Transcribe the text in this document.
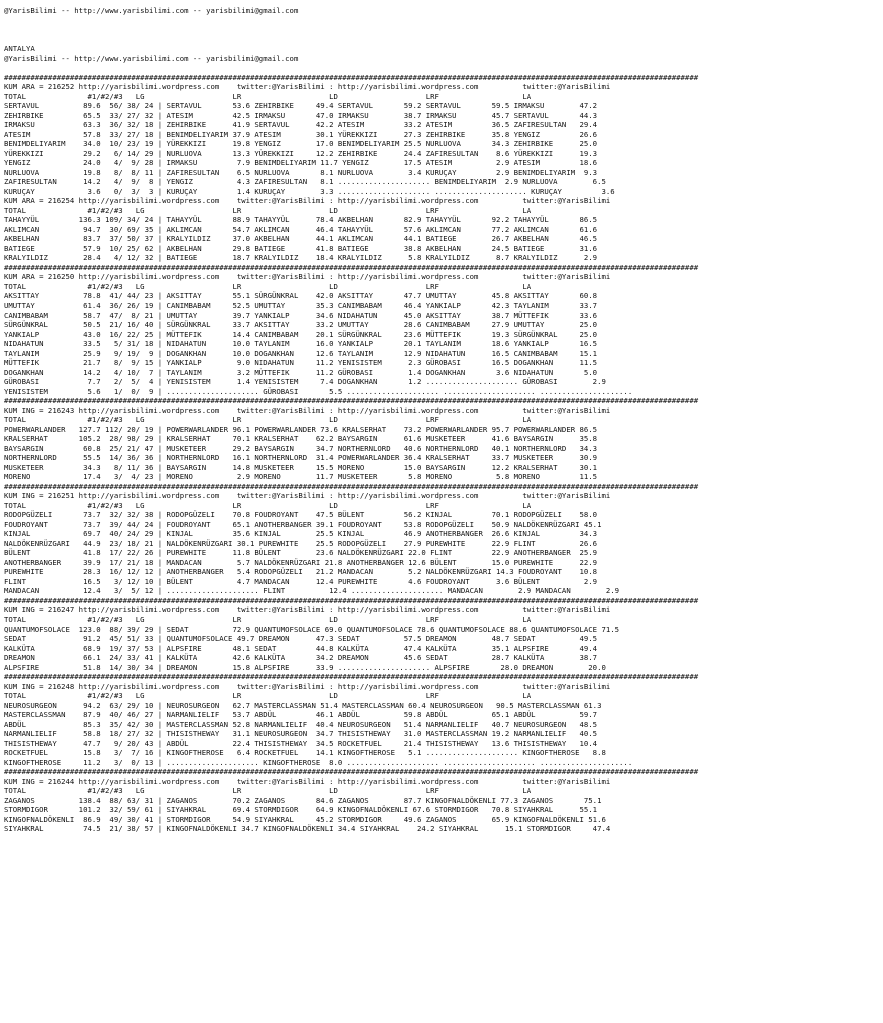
@YarisBilimi -- http://www.yarisbilimi.com -- yarisbilimi@gmail.com

ANTALYA
@YarisBilimi -- http://www.yarisbilimi.com -- yarisbilimi@gmail.com

##############################################################################################################################################################
KUM ARA = 216252 http://yarisbilimi.wordpress.com    twitter:@YarisBilimi : http://yarisbilimi.wordpress.com          twitter:@YarisBilimi
TOTAL              #1/#2/#3   LG                    LR                    LD                    LRF                   LA
SERTAVUL          89.6  56/ 38/ 24 | SERTAVUL       53.6 ZEHIRBIKE     49.4 SERTAVUL       59.2 SERTAVUL       59.5 IRMAKSU        47.2
ZEHIRBIKE         65.5  33/ 27/ 32 | ATESIM         42.5 IRMAKSU       47.0 IRMAKSU        38.7 IRMAKSU        45.7 SERTAVUL       44.3
IRMAKSU           63.3  36/ 32/ 18 | ZEHIRBIKE      41.9 SERTAVUL      42.2 ATESIM         33.2 ATESIM         36.5 ZAFIRESULTAN   29.4
ATESIM            57.8  33/ 27/ 18 | BENIMDELIYARIM 37.9 ATESIM        30.1 YÜREKKIZI      27.3 ZEHIRBIKE      35.8 YENGIZ         26.6
BENIMDELIYARIM    34.0  10/ 23/ 19 | YÜREKKIZI      19.8 YENGIZ        17.0 BENIMDELIYARIM 25.5 NURLUOVA       34.3 ZEHIRBIKE      25.0
YÜREKKIZI         29.2   6/ 14/ 29 | NURLUOVA       13.3 YÜREKKIZI     12.2 ZEHIRBIKE      24.4 ZAFIRESULTAN    8.6 YÜREKKIZI      19.3
YENGIZ            24.0   4/  9/ 28 | IRMAKSU         7.9 BENIMDELIYARIM 11.7 YENGIZ        17.5 ATESIM          2.9 ATESIM         18.6
NURLUOVA          19.8   8/  8/ 11 | ZAFIRESULTAN    6.5 NURLUOVA       8.1 NURLUOVA        3.4 KURUÇAY         2.9 BENIMDELIYARIM  9.3
ZAFIRESULTAN      14.2   4/  9/  8 | YENGIZ          4.3 ZAFIRESULTAN   8.1 ..................... BENIMDELIYARIM  2.9 NURLUOVA        6.5
KURUÇAY            3.6   0/  3/  3 | KURUÇAY         1.4 KURUÇAY        3.3 ..................... ..................... KURUÇAY         3.6
KUM ARA = 216254 http://yarisbilimi.wordpress.com    twitter:@YarisBilimi : http://yarisbilimi.wordpress.com          twitter:@YarisBilimi
TOTAL              #1/#2/#3   LG                    LR                    LD                    LRF                   LA
TAHAYYÜL         136.3 109/ 34/ 24 | TAHAYYÜL       88.9 TAHAYYÜL      78.4 AKBELHAN       82.9 TAHAYYÜL       92.2 TAHAYYÜL       86.5
AKLIMCAN          94.7  30/ 69/ 35 | AKLIMCAN       54.7 AKLIMCAN      46.4 TAHAYYÜL       57.6 AKLIMCAN       77.2 AKLIMCAN       61.6
AKBELHAN          83.7  37/ 50/ 37 | KRALYILDIZ     37.0 AKBELHAN      44.1 AKLIMCAN       44.1 BATIEGE        26.7 AKBELHAN       46.5
BATIEGE           57.9  10/ 25/ 62 | AKBELHAN       29.8 BATIEGE       41.8 BATIEGE        38.8 AKBELHAN       24.5 BATIEGE        31.6
KRALYILDIZ        28.4   4/ 12/ 32 | BATIEGE        18.7 KRALYILDIZ    18.4 KRALYILDIZ      5.8 KRALYILDIZ      8.7 KRALYILDIZ      2.9
##############################################################################################################################################################
KUM ARA = 216250 http://yarisbilimi.wordpress.com    twitter:@YarisBilimi : http://yarisbilimi.wordpress.com          twitter:@YarisBilimi
TOTAL              #1/#2/#3   LG                    LR                    LD                    LRF                   LA
AKSITTAY          78.8  41/ 44/ 23 | AKSITTAY       55.1 SÜRGÜNKRAL    42.0 AKSITTAY       47.7 UMUTTAY        45.8 AKSITTAY       60.8
UMUTTAY           61.4  36/ 26/ 19 | CANIMBABAM     52.5 UMUTTAY       35.3 CANIMBABAM     46.4 YANKIALP       42.3 TAYLANIM       33.7
CANIMBABAM        58.7  47/  8/ 21 | UMUTTAY        39.7 YANKIALP      34.6 NIDAHATUN      45.0 AKSITTAY       38.7 MÜTTEFIK       33.6
SÜRGÜNKRAL        50.5  21/ 16/ 40 | SÜRGÜNKRAL     33.7 AKSITTAY      33.2 UMUTTAY        28.6 CANIMBABAM     27.9 UMUTTAY        25.0
YANKIALP          43.0  16/ 22/ 25 | MÜTTEFIK       14.4 CANIMBABAM    20.1 SÜRGÜNKRAL     23.6 MÜTTEFIK       19.3 SÜRGÜNKRAL     25.0
NIDAHATUN         33.5   5/ 31/ 18 | NIDAHATUN      10.0 TAYLANIM      16.0 YANKIALP       20.1 TAYLANIM       18.6 YANKIALP       16.5
TAYLANIM          25.9   9/ 19/  9 | DOGANKHAN      10.0 DOGANKHAN     12.6 TAYLANIM       12.9 NIDAHATUN      16.5 CANIMBABAM     15.1
MÜTTEFIK          21.7   8/  9/ 15 | YANKIALP        9.0 NIDAHATUN     11.2 YENISISTEM      2.3 GÜROBASI       16.5 DOGANKHAN      11.5
DOGANKHAN         14.2   4/ 10/  7 | TAYLANIM        3.2 MÜTTEFIK      11.2 GÜROBASI        1.4 DOGANKHAN       3.6 NIDAHATUN       5.0
GÜROBASI           7.7   2/  5/  4 | YENISISTEM      1.4 YENISISTEM     7.4 DOGANKHAN       1.2 ..................... GÜROBASI        2.9
YENISISTEM         5.6   1/  0/  9 | ..................... GÜROBASI       5.5 ..................... ..................... .....................
##############################################################################################################################################################
KUM ING = 216243 http://yarisbilimi.wordpress.com    twitter:@YarisBilimi : http://yarisbilimi.wordpress.com          twitter:@YarisBilimi
TOTAL              #1/#2/#3   LG                    LR                    LD                    LRF                   LA
POWERWARLANDER   127.7 112/ 20/ 19 | POWERWARLANDER 96.1 POWERWARLANDER 73.6 KRALSERHAT    73.2 POWERWARLANDER 95.7 POWERWARLANDER 86.5
KRALSERHAT       105.2  28/ 98/ 29 | KRALSERHAT     70.1 KRALSERHAT    62.2 BAYSARGIN      61.6 MUSKETEER      41.6 BAYSARGIN      35.8
BAYSARGIN         60.8  25/ 21/ 47 | MUSKETEER      29.2 BAYSARGIN     34.7 NORTHERNLORD   40.6 NORTHERNLORD   40.1 NORTHERNLORD   34.3
NORTHERNLORD      55.5  14/ 36/ 36 | NORTHERNLORD   16.1 NORTHERNLORD  31.4 POWERWARLANDER 36.4 KRALSERHAT     33.7 MUSKETEER      30.9
MUSKETEER         34.3   8/ 11/ 36 | BAYSARGIN      14.8 MUSKETEER     15.5 MORENO         15.0 BAYSARGIN      12.2 KRALSERHAT     30.1
MORENO            17.4   3/  4/ 23 | MORENO          2.9 MORENO        11.7 MUSKETEER       5.8 MORENO          5.8 MORENO         11.5
##############################################################################################################################################################
KUM ING = 216251 http://yarisbilimi.wordpress.com    twitter:@YarisBilimi : http://yarisbilimi.wordpress.com          twitter:@YarisBilimi
TOTAL              #1/#2/#3   LG                    LR                    LD                    LRF                   LA
RODOPGÜZELI       73.7  32/ 32/ 38 | RODOPGÜZELI    70.8 FOUDROYANT    47.5 BÜLENT         56.2 KINJAL         70.1 RODOPGÜZELI    58.0
FOUDROYANT        73.7  39/ 44/ 24 | FOUDROYANT     65.1 ANOTHERBANGER 39.1 FOUDROYANT     53.8 RODOPGÜZELI    50.9 NALDÖKENRÜZGARI 45.1
KINJAL            69.7  40/ 24/ 29 | KINJAL         35.6 KINJAL        25.5 KINJAL         46.9 ANOTHERBANGER  26.6 KINJAL         34.3
NALDÖKENRÜZGARI   44.9  23/ 18/ 21 | NALDÖKENRÜZGARI 30.1 PUREWHITE    25.5 RODOPGÜZELI    27.9 PUREWHITE      22.9 FLINT          26.6
BÜLENT            41.8  17/ 22/ 26 | PUREWHITE      11.8 BÜLENT        23.6 NALDÖKENRÜZGARI 22.0 FLINT         22.9 ANOTHERBANGER  25.9
ANOTHERBANGER     39.9  17/ 21/ 18 | MANDACAN        5.7 NALDÖKENRÜZGARI 21.8 ANOTHERBANGER 12.6 BÜLENT        15.0 PUREWHITE      22.9
PUREWHITE         28.3  16/ 12/ 12 | ANOTHERBANGER   5.4 RODOPGÜZELI   21.2 MANDACAN        5.2 NALDÖKENRÜZGARI 14.3 FOUDROYANT    10.8
FLINT             16.5   3/ 12/ 10 | BÜLENT          4.7 MANDACAN      12.4 PUREWHITE       4.6 FOUDROYANT      3.6 BÜLENT          2.9
MANDACAN          12.4   3/  5/ 12 | ..................... FLINT          12.4 ..................... MANDACAN        2.9 MANDACAN        2.9
##############################################################################################################################################################
KUM ING = 216247 http://yarisbilimi.wordpress.com    twitter:@YarisBilimi : http://yarisbilimi.wordpress.com          twitter:@YarisBilimi
TOTAL              #1/#2/#3   LG                    LR                    LD                    LRF                   LA
QUANTUMOFSOLACE  123.0  88/ 39/ 29 | SEDAT          72.9 QUANTUMOFSOLACE 69.0 QUANTUMOFSOLACE 78.6 QUANTUMOFSOLACE 88.6 QUANTUMOFSOLACE 71.5
SEDAT             91.2  45/ 51/ 33 | QUANTUMOFSOLACE 49.7 DREAMON      47.3 SEDAT          57.5 DREAMON        48.7 SEDAT          49.5
KALKÜTA           68.9  19/ 37/ 53 | ALPSFIRE       48.1 SEDAT         44.8 KALKÜTA        47.4 KALKÜTA        35.1 ALPSFIRE       49.4
DREAMON           66.1  24/ 33/ 41 | KALKÜTA        42.6 KALKÜTA       34.2 DREAMON        45.6 SEDAT          28.7 KALKÜTA        38.7
ALPSFIRE          51.8  14/ 30/ 34 | DREAMON        15.8 ALPSFIRE      33.9 ..................... ALPSFIRE       28.0 DREAMON        20.0
##############################################################################################################################################################
KUM ING = 216248 http://yarisbilimi.wordpress.com    twitter:@YarisBilimi : http://yarisbilimi.wordpress.com          twitter:@YarisBilimi
TOTAL              #1/#2/#3   LG                    LR                    LD                    LRF                   LA
NEUROSURGEON      94.2  63/ 29/ 10 | NEUROSURGEON   62.7 MASTERCLASSMAN 51.4 MASTERCLASSMAN 60.4 NEUROSURGEON   90.5 MASTERCLASSMAN 61.3
MASTERCLASSMAN    87.9  40/ 46/ 27 | NARMANLIELIF   53.7 ABDÜL         46.1 ABDÜL          59.8 ABDÜL          65.1 ABDÜL          59.7
ABDÜL             85.3  35/ 42/ 30 | MASTERCLASSMAN 52.8 NARMANLIELIF  40.4 NEUROSURGEON   51.4 NARMANLIELIF   40.7 NEUROSURGEON   48.5
NARMANLIELIF      58.8  18/ 27/ 32 | THISISTHEWAY   31.1 NEUROSURGEON  34.7 THISISTHEWAY   31.0 MASTERCLASSMAN 19.2 NARMANLIELIF   40.5
THISISTHEWAY      47.7   9/ 20/ 43 | ABDÜL          22.4 THISISTHEWAY  34.5 ROCKETFUEL     21.4 THISISTHEWAY   13.6 THISISTHEWAY   10.4
ROCKETFUEL        15.8   3/  7/ 16 | KINGOFTHEROSE   6.4 ROCKETFUEL    14.1 KINGOFTHEROSE   5.1 ..................... KINGOFTHEROSE   8.8
KINGOFTHEROSE     11.2   3/  0/ 13 | ..................... KINGOFTHEROSE  8.0 ..................... ..................... .....................
##############################################################################################################################################################
KUM ING = 216244 http://yarisbilimi.wordpress.com    twitter:@YarisBilimi : http://yarisbilimi.wordpress.com          twitter:@YarisBilimi
TOTAL              #1/#2/#3   LG                    LR                    LD                    LRF                   LA
ZAGANOS          138.4  88/ 63/ 31 | ZAGANOS        70.2 ZAGANOS       84.6 ZAGANOS        87.7 KINGOFNALDÖKENLI 77.3 ZAGANOS       75.1
STORMDIGOR       101.2  32/ 59/ 61 | SIYAHKRAL      69.4 STORMDIGOR    64.9 KINGOFNALDÖKENLI 67.6 STORMDIGOR   70.8 SIYAHKRAL      55.1
KINGOFNALDÖKENLI  86.9  49/ 30/ 41 | STORMDIGOR     54.9 SIYAHKRAL     45.2 STORMDIGOR     49.6 ZAGANOS        65.9 KINGOFNALDÖKENLI 51.6
SIYAHKRAL         74.5  21/ 38/ 57 | KINGOFNALDÖKENLI 34.7 KINGOFNALDÖKENLI 34.4 SIYAHKRAL    24.2 SIYAHKRAL      15.1 STORMDIGOR     47.4
